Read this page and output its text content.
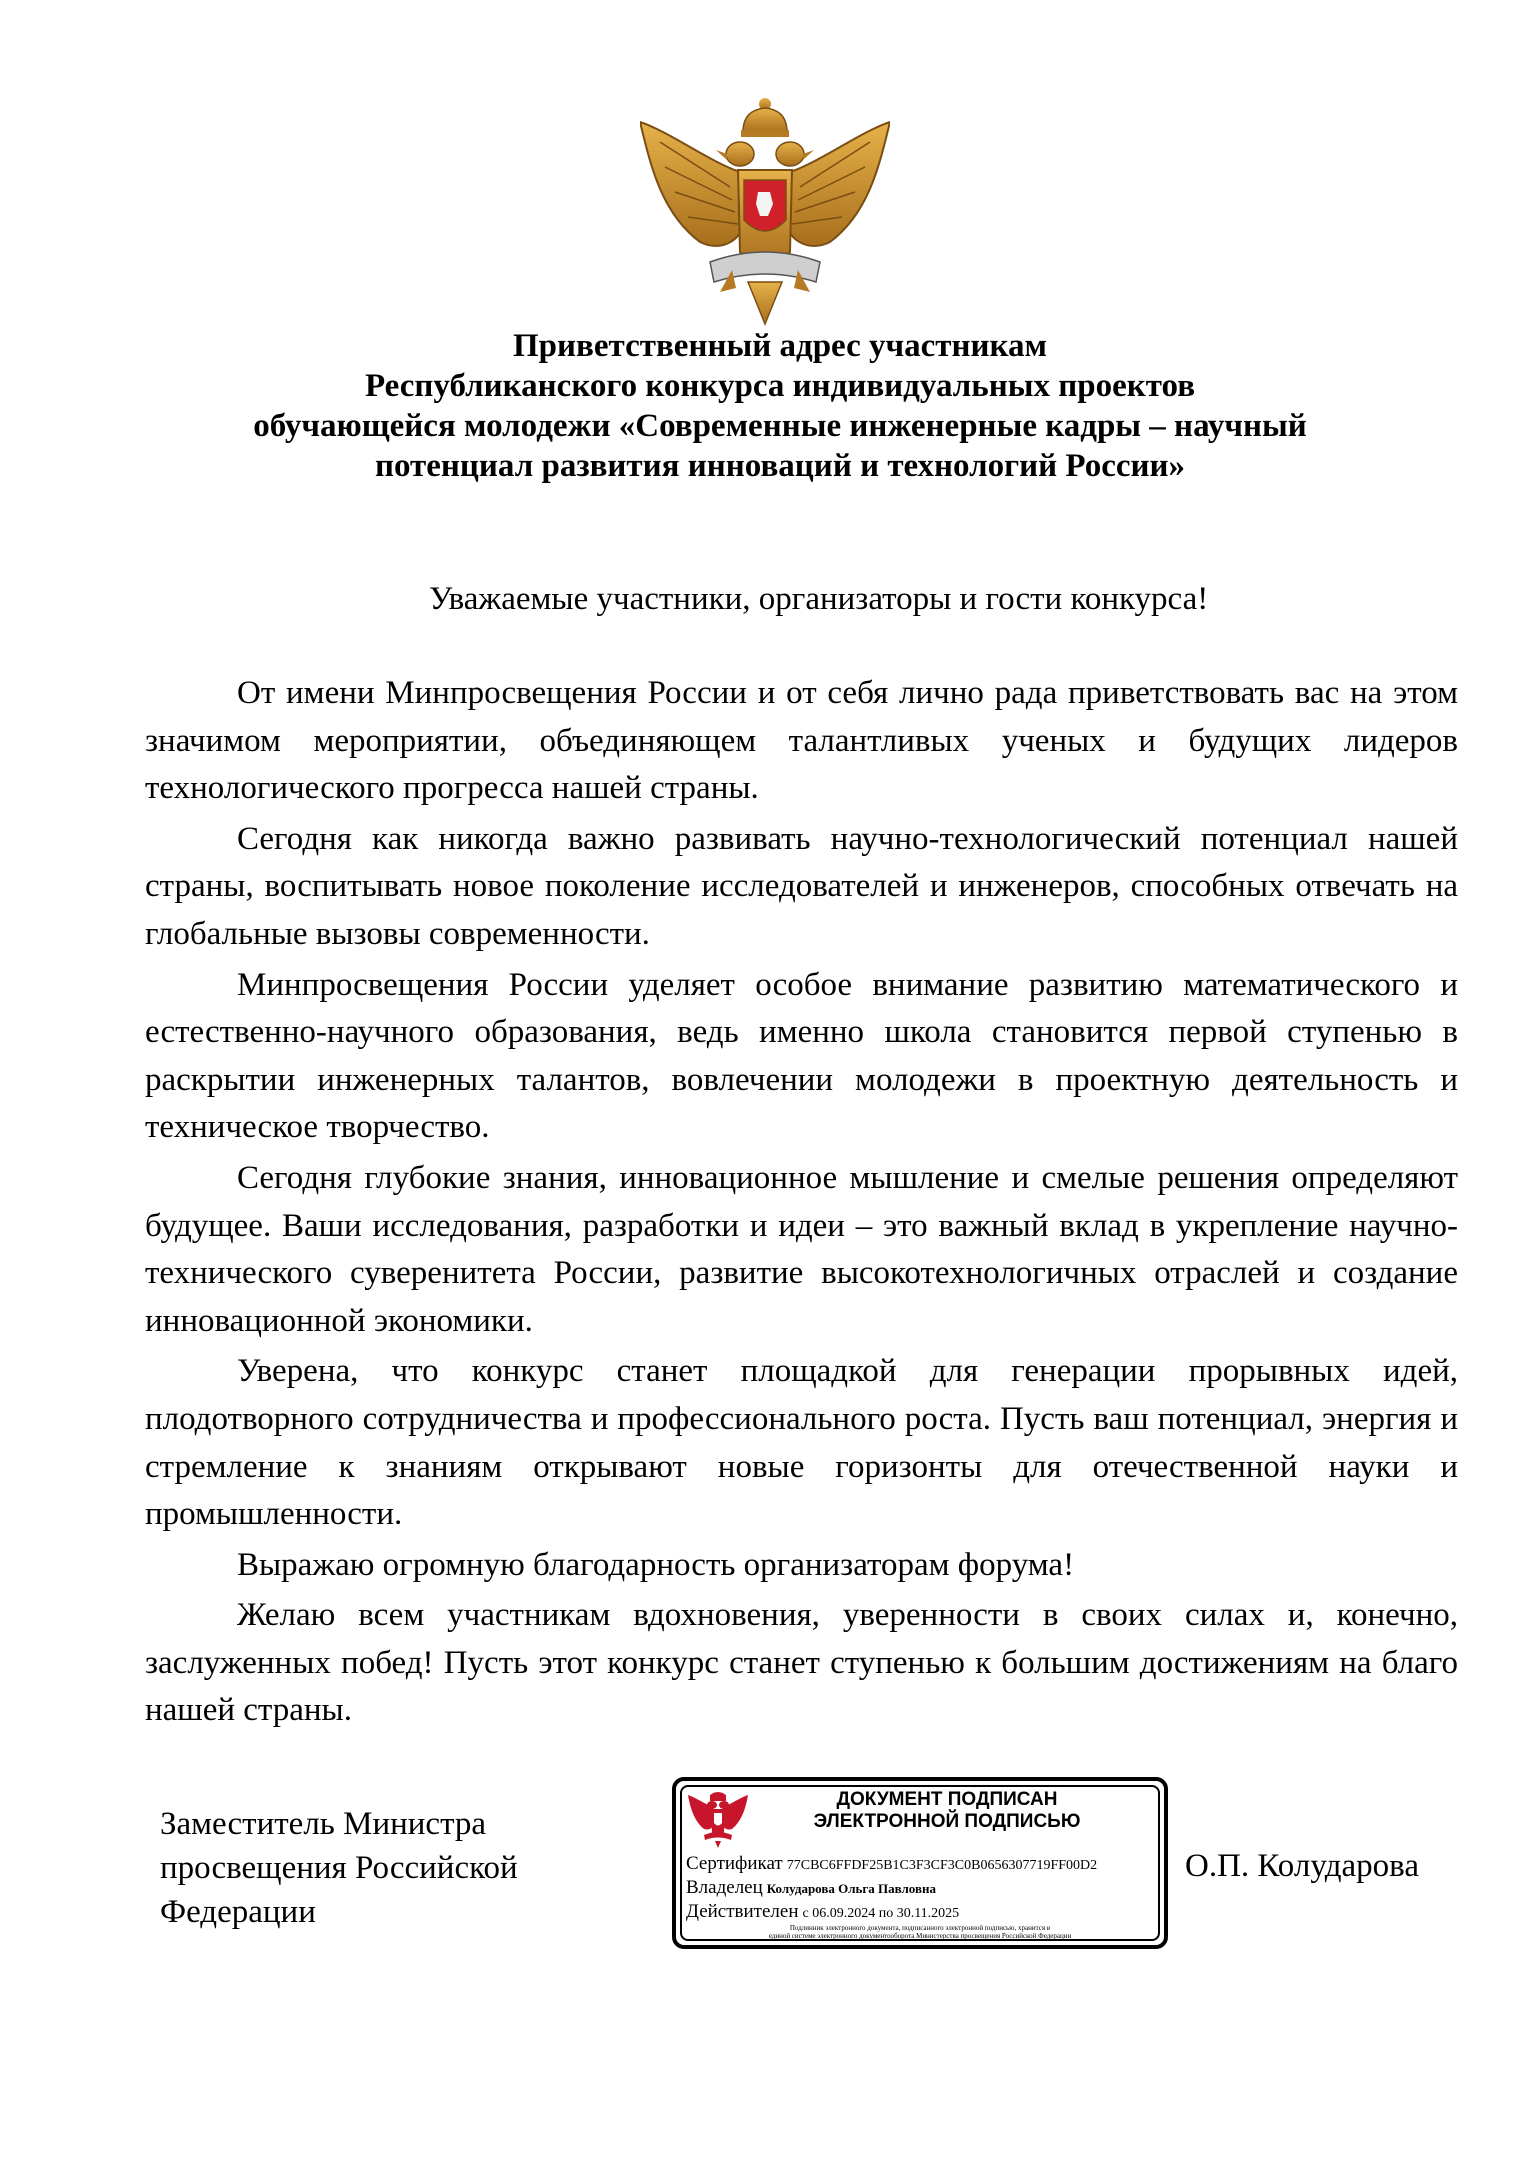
Приветственный адрес участникам
Республиканского конкурса индивидуальных проектов
обучающейся молодежи «Современные инженерные кадры – научный
потенциал развития инноваций и технологий России»

Уважаемые участники, организаторы и гости конкурса!

От имени Минпросвещения России и от себя лично рада приветствовать вас на этом значимом мероприятии, объединяющем талантливых ученых и будущих лидеров технологического прогресса нашей страны.

Сегодня как никогда важно развивать научно-технологический потенциал нашей страны, воспитывать новое поколение исследователей и инженеров, способных отвечать на глобальные вызовы современности.

Минпросвещения России уделяет особое внимание развитию математического и естественно-научного образования, ведь именно школа становится первой ступенью в раскрытии инженерных талантов, вовлечении молодежи в проектную деятельность и техническое творчество.

Сегодня глубокие знания, инновационное мышление и смелые решения определяют будущее. Ваши исследования, разработки и идеи – это важный вклад в укрепление научно-технического суверенитета России, развитие высокотехнологичных отраслей и создание инновационной экономики.

Уверена, что конкурс станет площадкой для генерации прорывных идей, плодотворного сотрудничества и профессионального роста. Пусть ваш потенциал, энергия и стремление к знаниям открывают новые горизонты для отечественной науки и промышленности.

Выражаю огромную благодарность организаторам форума!

Желаю всем участникам вдохновения, уверенности в своих силах и, конечно, заслуженных побед! Пусть этот конкурс станет ступенью к большим достижениям на благо нашей страны.

Заместитель Министра
просвещения Российской
Федерации
ДОКУМЕНТ ПОДПИСАН
ЭЛЕКТРОННОЙ ПОДПИСЬЮ
Сертификат 77CBC6FFDF25B1C3F3CF3C0B0656307719FF00D2
Владелец Колударова Ольга Павловна
Действителен с 06.09.2024 по 30.11.2025
Подлинник электронного документа, подписанного электронной подписью, хранится в
единой системе электронного документооборота Министерства просвещения Российской Федерации
О.П. Колударова
